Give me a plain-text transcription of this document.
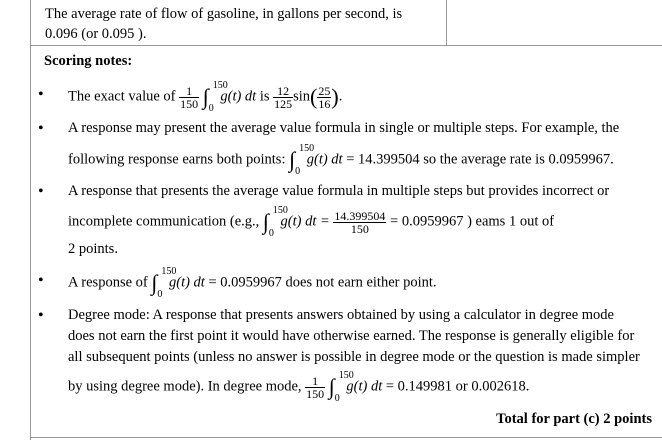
The average rate of flow of gasoline, in gallons per second, is
0.096 (or 0.095 ).
Scoring notes:
• The exact value of $\frac{1}{150}$ ∫ 150
0
g(t) dt is $\frac{12}{125} \sin( \frac{25}{16}$ ).
• A response may present the average value formula in single or multiple steps. For example, the
following response earns both points: ∫ 150
0
g(t) dt = 14.399504 so the average rate is 0.0959967.
• A response that presents the average value formula in multiple steps but provides incorrect or
incomplete communication (e.g., ∫ 150
0
g(t) dt = $\frac{14.399504}{150} = 0.0959967$ ) eams 1 out of
2 points.
• A response of ∫ 150
0
g(t) dt = 0.0959967 does not earn either point.
• Degree mode: A response that presents answers obtained by using a calculator in degree mode
does not earn the first point it would have otherwise earned. The response is generally eligible for
all subsequent points (unless no answer is possible in degree mode or the question is made simpler
by using degree mode). In degree mode, $\frac{1}{150}$ ∫ 150
0
g(t) dt = 0.149981 or 0.002618.
Total for part (c) 2 points
